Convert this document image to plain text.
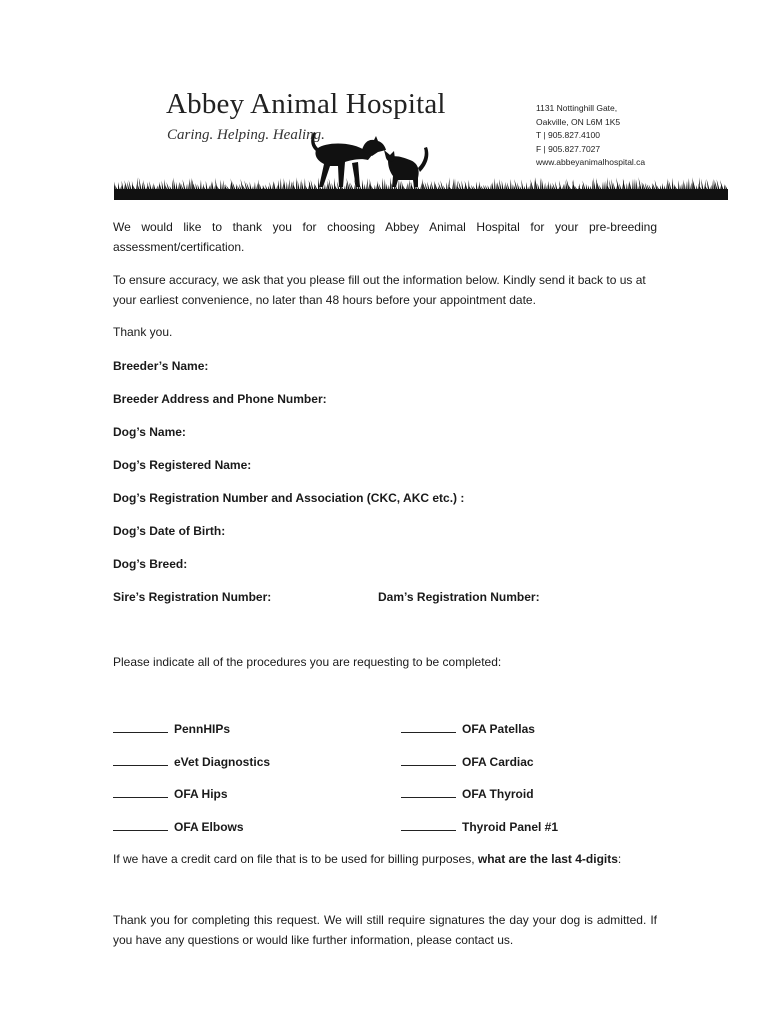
Abbey Animal Hospital
Caring. Helping. Healing.
1131 Nottinghill Gate,
Oakville, ON L6M 1K5
T | 905.827.4100
F | 905.827.7027
www.abbeyanimalhospital.ca

We would like to thank you for choosing Abbey Animal Hospital for your pre-breeding assessment/certification.

To ensure accuracy, we ask that you please fill out the information below. Kindly send it back to us at your earliest convenience, no later than 48 hours before your appointment date.

Thank you.

Breeder’s Name:
Breeder Address and Phone Number:
Dog’s Name:
Dog’s Registered Name:
Dog’s Registration Number and Association (CKC, AKC etc.) :
Dog’s Date of Birth:
Dog’s Breed:
Sire’s Registration Number:	Dam’s Registration Number:

Please indicate all of the procedures you are requesting to be completed:

PennHIPs
eVet Diagnostics
OFA Hips
OFA Elbows
OFA Patellas
OFA Cardiac
OFA Thyroid
Thyroid Panel #1

If we have a credit card on file that is to be used for billing purposes, what are the last 4-digits:

Thank you for completing this request. We will still require signatures the day your dog is admitted. If you have any questions or would like further information, please contact us.
